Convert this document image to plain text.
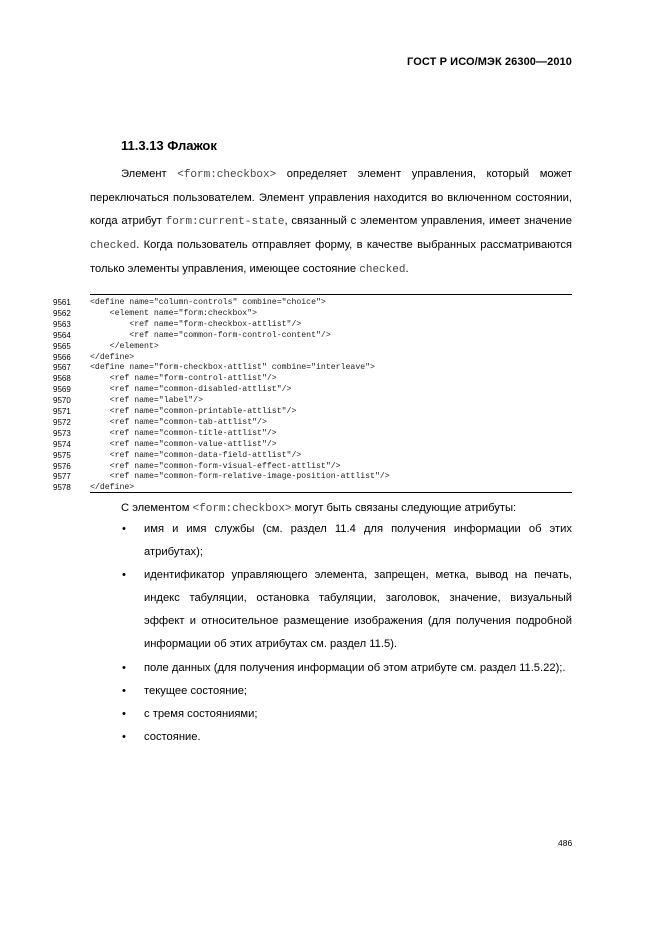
ГОСТ Р ИСО/МЭК 26300—2010
11.3.13 Флажок
Элемент <form:checkbox> определяет элемент управления, который может переключаться пользователем. Элемент управления находится во включенном состоянии, когда атрибут form:current-state, связанный с элементом управления, имеет значение checked. Когда пользователь отправляет форму, в качестве выбранных рассматриваются только элементы управления, имеющее состояние checked.
9561	<define name="column-controls" combine="choice">
9562	<element name="form:checkbox">
9563	<ref name="form-checkbox-attlist"/>
9564	<ref name="common-form-control-content"/>
9565	</element>
9566	</define>
9567	<define name="form-checkbox-attlist" combine="interleave">
9568	<ref name="form-control-attlist"/>
9569	<ref name="common-disabled-attlist"/>
9570	<ref name="label"/>
9571	<ref name="common-printable-attlist"/>
9572	<ref name="common-tab-attlist"/>
9573	<ref name="common-title-attlist"/>
9574	<ref name="common-value-attlist"/>
9575	<ref name="common-data-field-attlist"/>
9576	<ref name="common-form-visual-effect-attlist"/>
9577	<ref name="common-form-relative-image-position-attlist"/>
9578	</define>
С элементом <form:checkbox> могут быть связаны следующие атрибуты:
• имя и имя службы (см. раздел 11.4 для получения информации об этих атрибутах);
• идентификатор управляющего элемента, запрещен, метка, вывод на печать, индекс табуляции, остановка табуляции, заголовок, значение, визуальный эффект и относительное размещение изображения (для получения подробной информации об этих атрибутах см. раздел 11.5).
• поле данных (для получения информации об этом атрибуте см. раздел 11.5.22);.
• текущее состояние;
• с тремя состояниями;
• состояние.
486
